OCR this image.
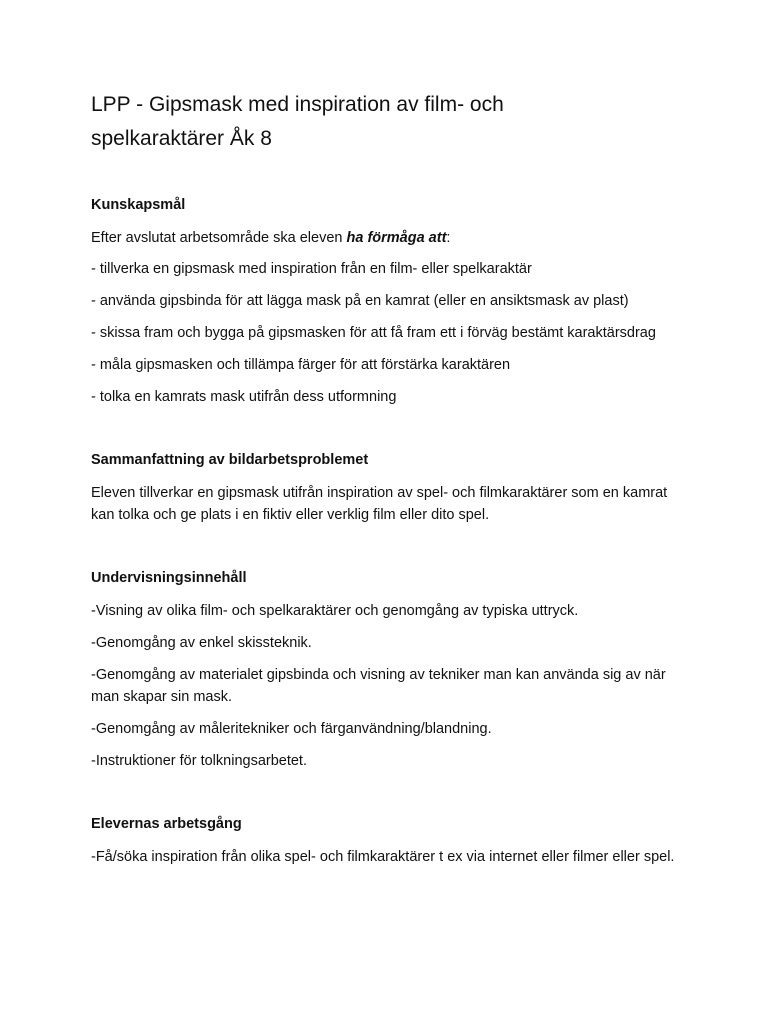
LPP - Gipsmask med inspiration av film- och spelkaraktärer Åk 8
Kunskapsmål

Efter avslutat arbetsområde ska eleven ha förmåga att:

- tillverka en gipsmask med inspiration från en film- eller spelkaraktär

- använda gipsbinda för att lägga mask på en kamrat (eller en ansiktsmask av plast)

- skissa fram och bygga på gipsmasken för att få fram ett i förväg bestämt karaktärsdrag

- måla gipsmasken och tillämpa färger för att förstärka karaktären

- tolka en kamrats mask utifrån dess utformning

Sammanfattning av bildarbetsproblemet

Eleven tillverkar en gipsmask utifrån inspiration av spel- och filmkaraktärer som en kamrat kan tolka och ge plats i en fiktiv eller verklig film eller dito spel.

Undervisningsinnehåll

-Visning av olika film- och spelkaraktärer och genomgång av typiska uttryck.

-Genomgång av enkel skissteknik.

-Genomgång av materialet gipsbinda och visning av tekniker man kan använda sig av när man skapar sin mask.

-Genomgång av måleritekniker och färganvändning/blandning.

-Instruktioner för tolkningsarbetet.

Elevernas arbetsgång

-Få/söka inspiration från olika spel- och filmkaraktärer t ex via internet eller filmer eller spel.
